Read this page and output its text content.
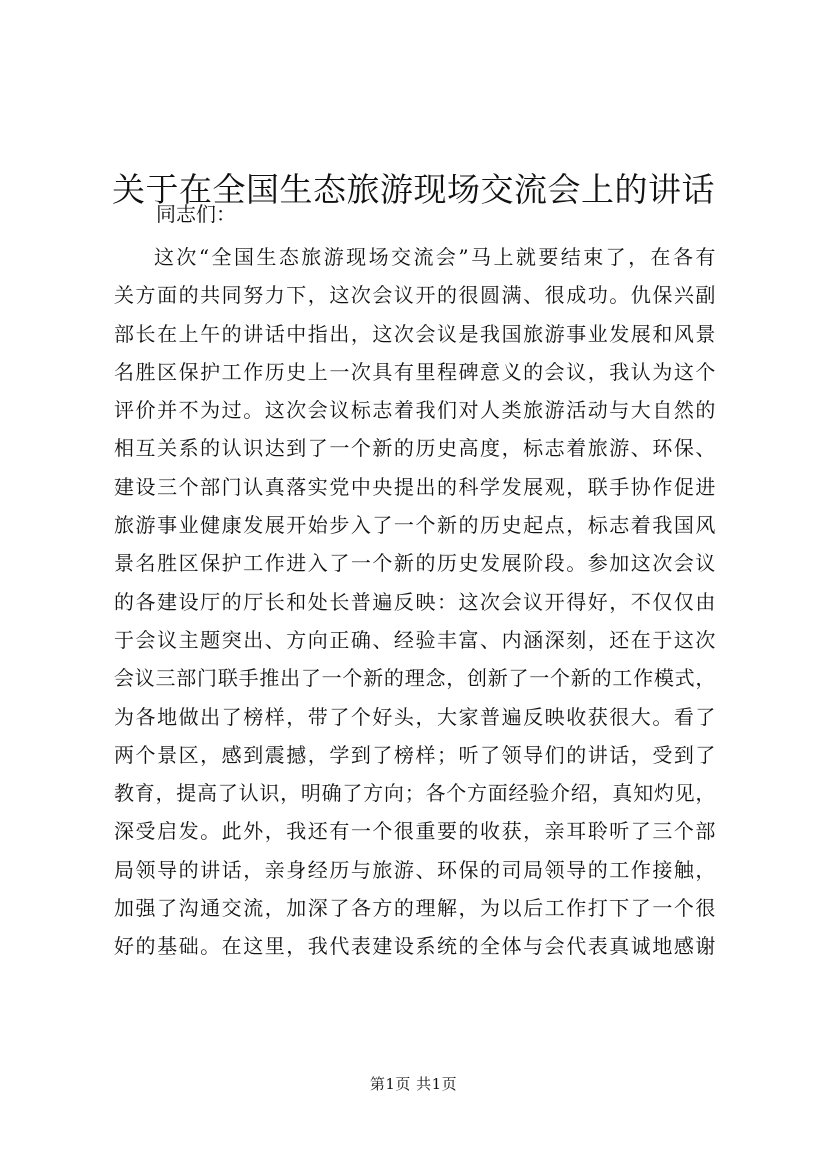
关于在全国生态旅游现场交流会上的讲话
同志们：
这次“全国生态旅游现场交流会”马上就要结束了，在各有
关方面的共同努力下，这次会议开的很圆满、很成功。仇保兴副
部长在上午的讲话中指出，这次会议是我国旅游事业发展和风景
名胜区保护工作历史上一次具有里程碑意义的会议，我认为这个
评价并不为过。这次会议标志着我们对人类旅游活动与大自然的
相互关系的认识达到了一个新的历史高度，标志着旅游、环保、
建设三个部门认真落实党中央提出的科学发展观，联手协作促进
旅游事业健康发展开始步入了一个新的历史起点，标志着我国风
景名胜区保护工作进入了一个新的历史发展阶段。参加这次会议
的各建设厅的厅长和处长普遍反映：这次会议开得好，不仅仅由
于会议主题突出、方向正确、经验丰富、内涵深刻，还在于这次
会议三部门联手推出了一个新的理念，创新了一个新的工作模式，
为各地做出了榜样，带了个好头，大家普遍反映收获很大。看了
两个景区，感到震撼，学到了榜样；听了领导们的讲话，受到了
教育，提高了认识，明确了方向；各个方面经验介绍，真知灼见，
深受启发。此外，我还有一个很重要的收获，亲耳聆听了三个部
局领导的讲话，亲身经历与旅游、环保的司局领导的工作接触，
加强了沟通交流，加深了各方的理解，为以后工作打下了一个很
好的基础。在这里，我代表建设系统的全体与会代表真诚地感谢
第1页 共1页
